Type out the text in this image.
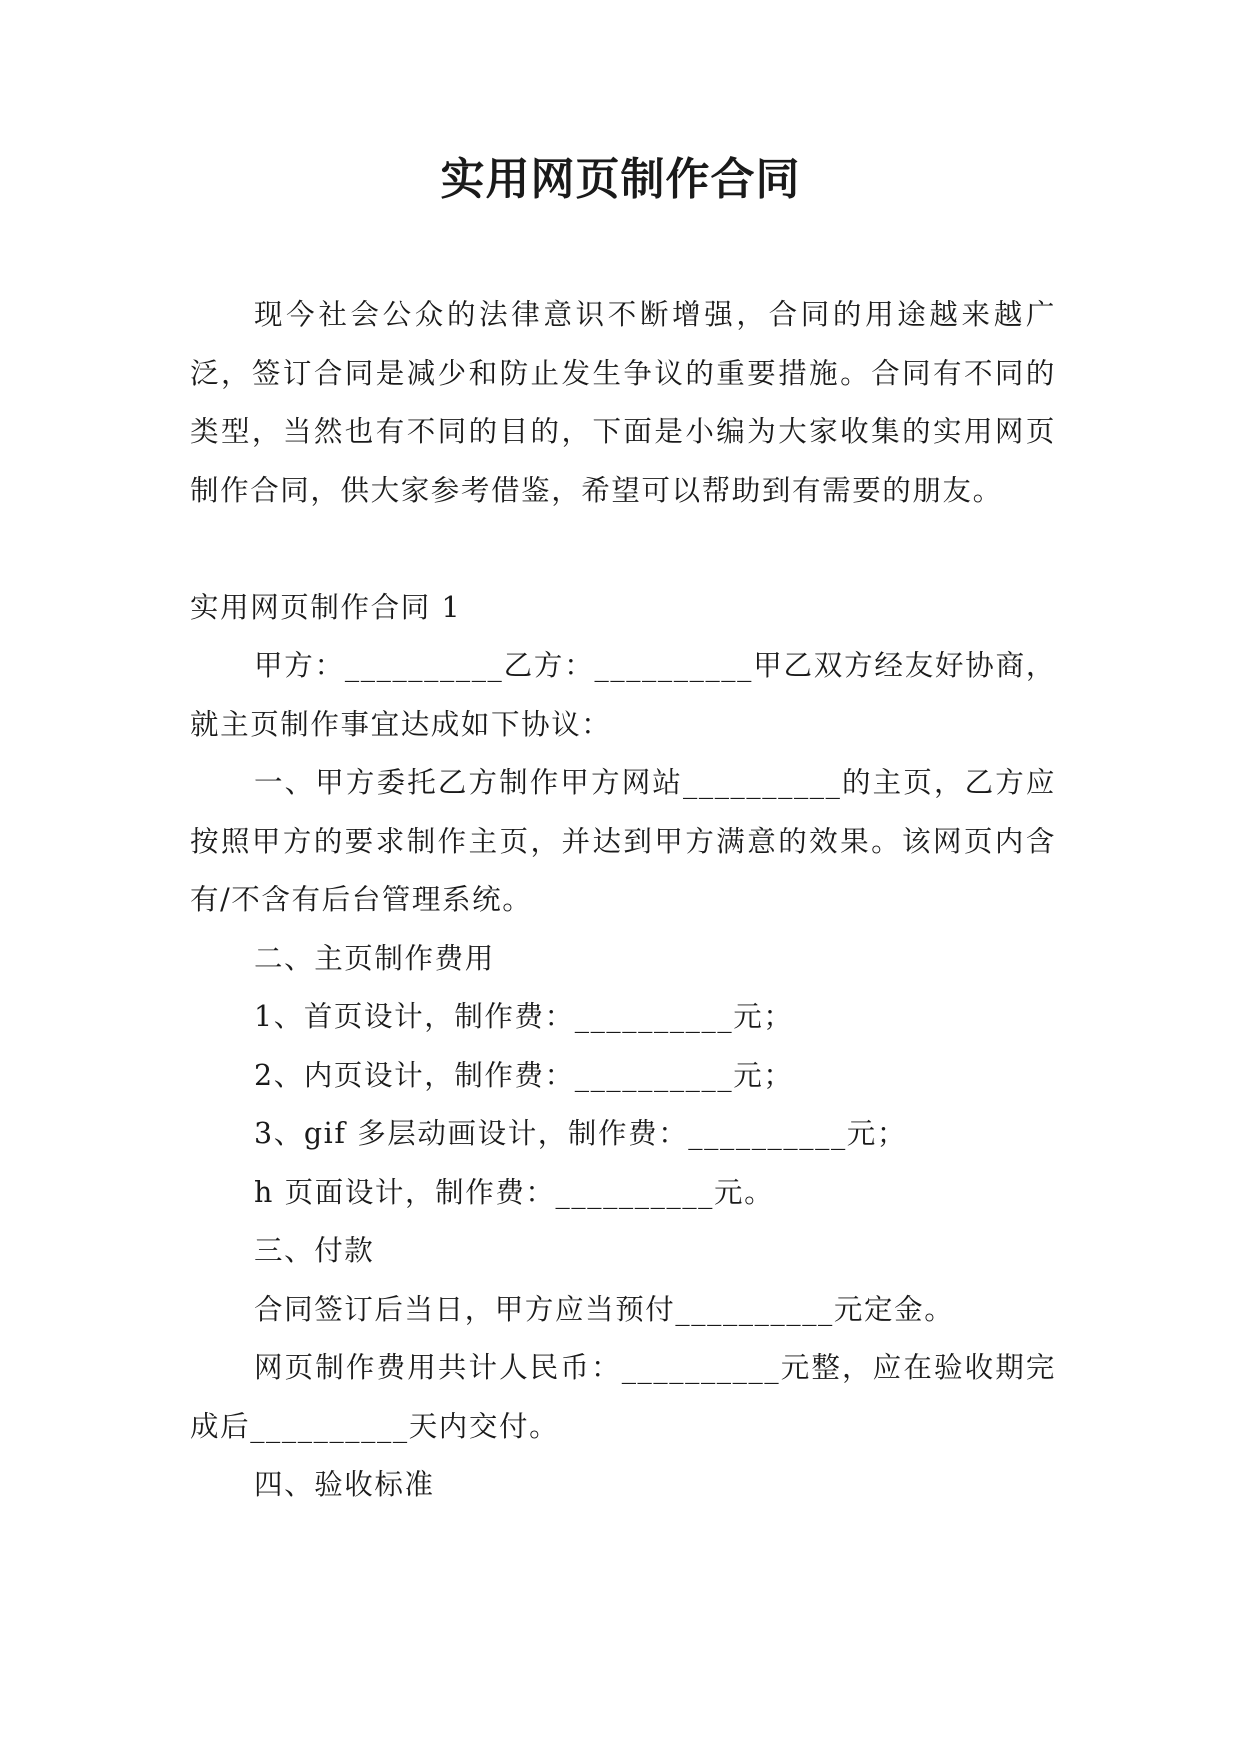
实用网页制作合同

现今社会公众的法律意识不断增强，合同的用途越来越广泛，签订合同是减少和防止发生争议的重要措施。合同有不同的类型，当然也有不同的目的，下面是小编为大家收集的实用网页制作合同，供大家参考借鉴，希望可以帮助到有需要的朋友。

实用网页制作合同 1

甲方：__________乙方：__________甲乙双方经友好协商，就主页制作事宜达成如下协议：

一、甲方委托乙方制作甲方网站__________的主页，乙方应按照甲方的要求制作主页，并达到甲方满意的效果。该网页内含有/不含有后台管理系统。

二、主页制作费用

1、首页设计，制作费：__________元；

2、内页设计，制作费：__________元；

3、gif 多层动画设计，制作费：__________元；

h 页面设计，制作费：__________元。

三、付款

合同签订后当日，甲方应当预付__________元定金。

网页制作费用共计人民币：__________元整，应在验收期完成后__________天内交付。

四、验收标准
